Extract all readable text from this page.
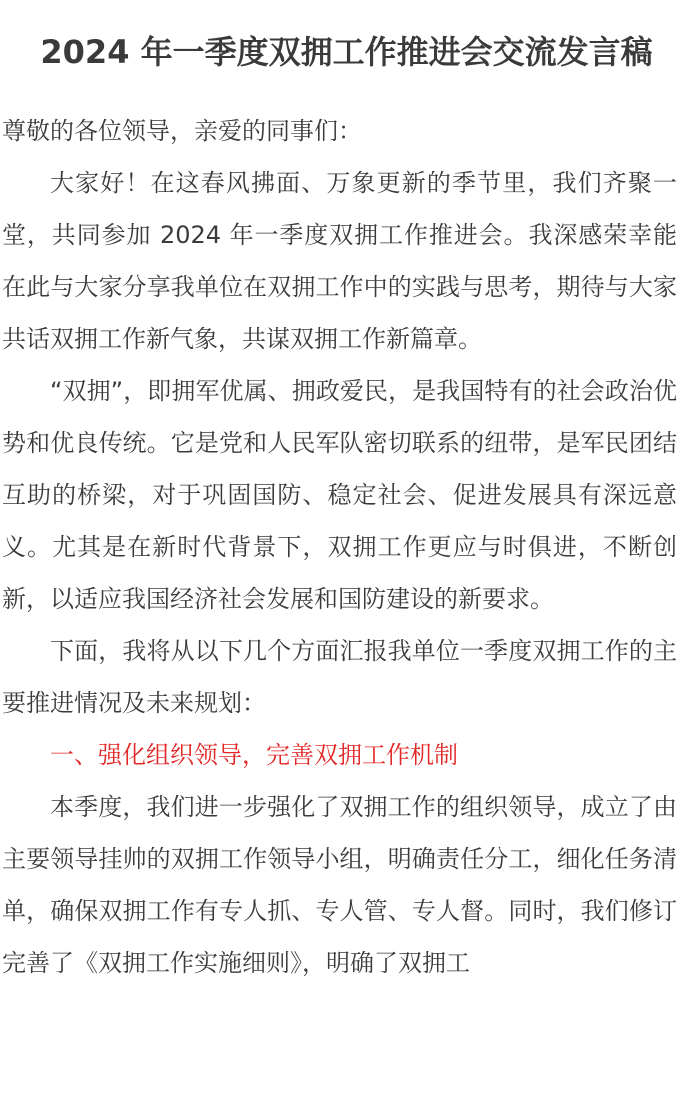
2024 年一季度双拥工作推进会交流发言稿

尊敬的各位领导，亲爱的同事们：

大家好！在这春风拂面、万象更新的季节里，我们齐聚一堂，共同参加 2024 年一季度双拥工作推进会。我深感荣幸能在此与大家分享我单位在双拥工作中的实践与思考，期待与大家共话双拥工作新气象，共谋双拥工作新篇章。

“双拥”，即拥军优属、拥政爱民，是我国特有的社会政治优势和优良传统。它是党和人民军队密切联系的纽带，是军民团结互助的桥梁，对于巩固国防、稳定社会、促进发展具有深远意义。尤其是在新时代背景下，双拥工作更应与时俱进，不断创新，以适应我国经济社会发展和国防建设的新要求。

下面，我将从以下几个方面汇报我单位一季度双拥工作的主要推进情况及未来规划：

一、强化组织领导，完善双拥工作机制

本季度，我们进一步强化了双拥工作的组织领导，成立了由主要领导挂帅的双拥工作领导小组，明确责任分工，细化任务清单，确保双拥工作有专人抓、专人管、专人督。同时，我们修订完善了《双拥工作实施细则》，明确了双拥工
